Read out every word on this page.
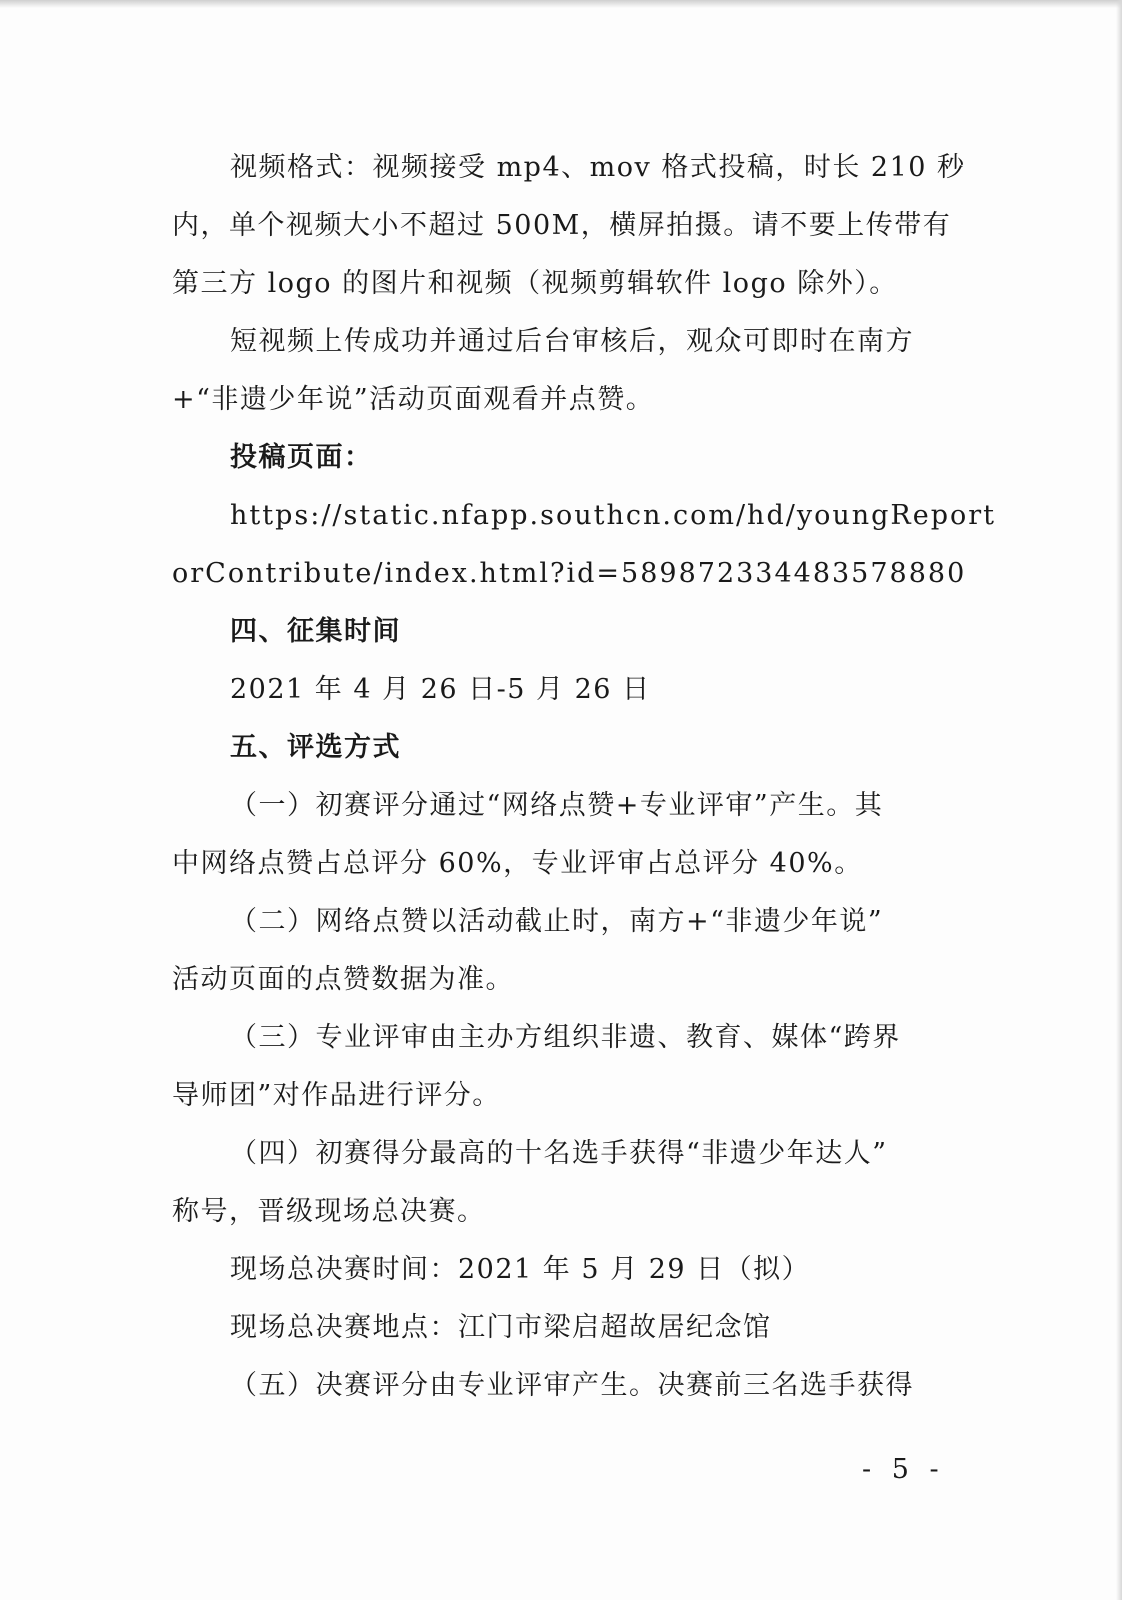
视频格式：视频接受 mp4、mov 格式投稿，时长 210 秒
内，单个视频大小不超过 500M，横屏拍摄。请不要上传带有
第三方 logo 的图片和视频（视频剪辑软件 logo 除外）。
短视频上传成功并通过后台审核后，观众可即时在南方
+“非遗少年说”活动页面观看并点赞。
投稿页面：
https://static.nfapp.southcn.com/hd/youngReport
orContribute/index.html?id=589872334483578880
四、征集时间
2021 年 4 月 26 日-5 月 26 日
五、评选方式
（一）初赛评分通过“网络点赞+专业评审”产生。其
中网络点赞占总评分 60%，专业评审占总评分 40%。
（二）网络点赞以活动截止时，南方+“非遗少年说”
活动页面的点赞数据为准。
（三）专业评审由主办方组织非遗、教育、媒体“跨界
导师团”对作品进行评分。
（四）初赛得分最高的十名选手获得“非遗少年达人”
称号，晋级现场总决赛。
现场总决赛时间：2021 年 5 月 29 日（拟）
现场总决赛地点：江门市梁启超故居纪念馆
（五）决赛评分由专业评审产生。决赛前三名选手获得
- 5 -
